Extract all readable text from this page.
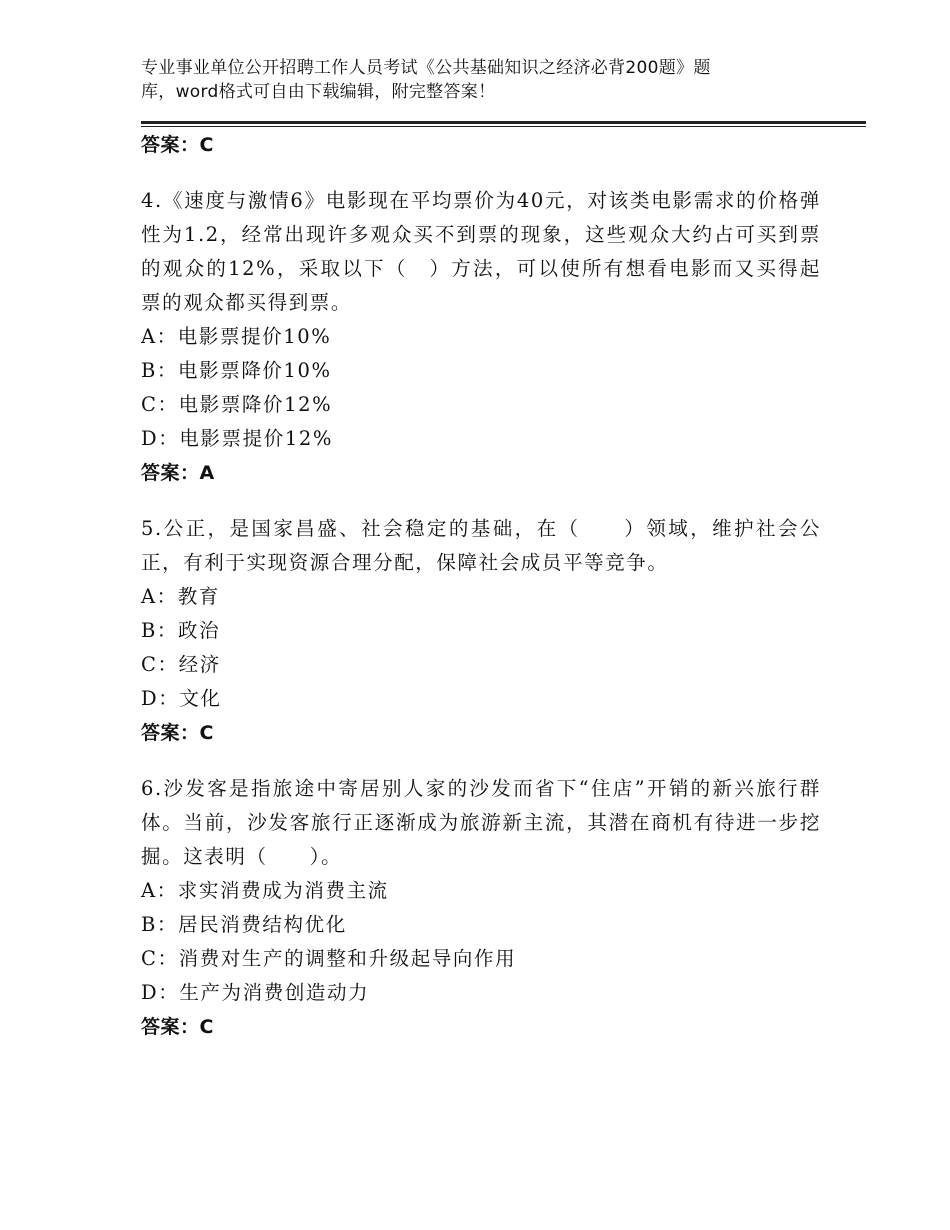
专业事业单位公开招聘工作人员考试《公共基础知识之经济必背200题》题
库，word格式可自由下载编辑，附完整答案！
答案：C
4.《速度与激情6》电影现在平均票价为40元，对该类电影需求的价格弹性为1.2，经常出现许多观众买不到票的现象，这些观众大约占可买到票的观众的12%，采取以下（　）方法，可以使所有想看电影而又买得起票的观众都买得到票。
A：电影票提价10%
B：电影票降价10%
C：电影票降价12%
D：电影票提价12%
答案：A
5.公正，是国家昌盛、社会稳定的基础，在（　　）领域，维护社会公正，有利于实现资源合理分配，保障社会成员平等竞争。
A：教育
B：政治
C：经济
D：文化
答案：C
6.沙发客是指旅途中寄居别人家的沙发而省下“住店”开销的新兴旅行群体。当前，沙发客旅行正逐渐成为旅游新主流，其潜在商机有待进一步挖掘。这表明（　　）。
A：求实消费成为消费主流
B：居民消费结构优化
C：消费对生产的调整和升级起导向作用
D：生产为消费创造动力
答案：C
